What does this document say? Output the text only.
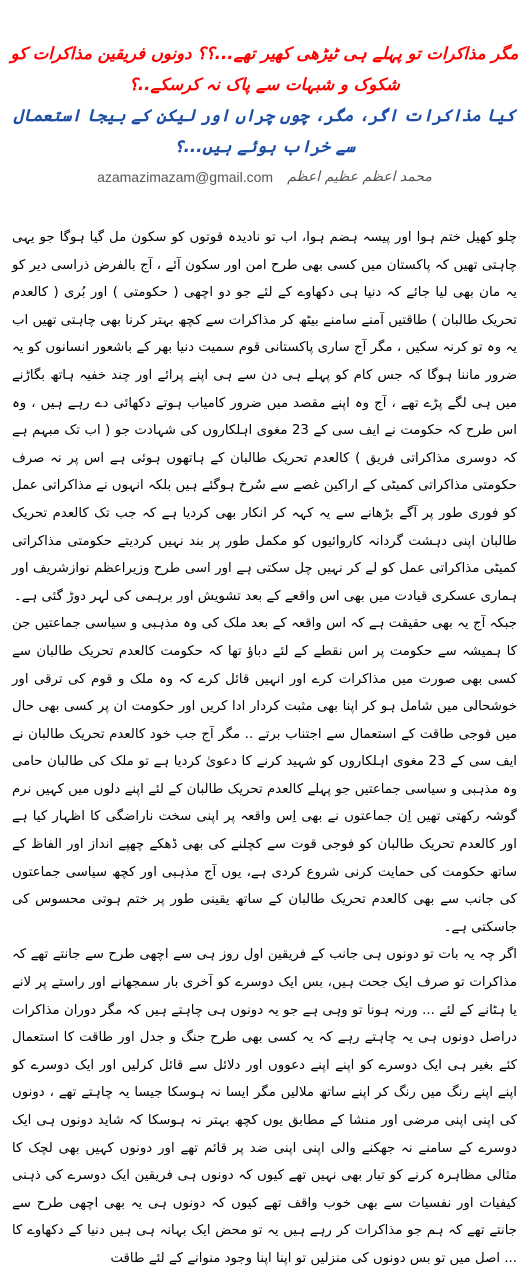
مگر مذاکرات تو پہلے ہی ٹیڑھی کھیر تھے...؟؟ دونوں فریقین مذاکرات کو شکوک و شبہات سے پاک نہ کرسکے..؟
کیا مذاکرات اگر، مگر، چوں چراں اور لیکن کے بیجا استعمال سے خراب ہوئے ہیں...؟
azamazimazam@gmail.com محمد اعظم عظیم اعظم

چلو کھیل ختم ہوا اور پیسہ ہضم ہوا، اب تو نادیدہ قوتوں کو سکون مل گیا ہوگا جو یہی چاہتی تھیں کہ پاکستان میں کسی بھی طرح امن اور سکون آئے ، آج بالفرض ذراسی دیر کو یہ مان بھی لیا جائے کہ دنیا ہی دکھاوے کے لئے جو دو اچھی ( حکومتی ) اور بُری ( کالعدم تحریک طالبان ) طاقتیں آمنے سامنے بیٹھ کر مذاکرات سے کچھ بہتر کرنا بھی چاہتی تھیں اب یہ وہ تو کرنہ سکیں ، مگر آج ساری پاکستانی قوم سمیت دنیا بھر کے باشعور انسانوں کو یہ ضرور ماننا ہوگا کہ جس کام کو پہلے ہی دن سے ہی اپنے پرائے اور چند خفیہ ہاتھ بگاڑنے میں ہی لگے پڑے تھے ، آج وہ اپنے مقصد میں ضرور کامیاب ہوتے دکھائی دے رہے ہیں ، وہ اس طرح کہ حکومت نے ایف سی کے 23 مغوی اہلکاروں کی شہادت جو ( اب تک مبہم ہے کہ دوسری مذاکراتی فریق ) کالعدم تحریک طالبان کے ہاتھوں ہوئی ہے اس پر نہ صرف حکومتی مذاکراتی کمیٹی کے اراکین غصے سے سُرخ ہوگئے ہیں بلکہ انہوں نے مذاکراتی عمل کو فوری طور پر آگے بڑھانے سے یہ کہہ کر انکار بھی کردیا ہے کہ جب تک کالعدم تحریک طالبان اپنی دہشت گردانہ کاروائیوں کو مکمل طور پر بند نہیں کردیتے حکومتی مذاکراتی کمیٹی مذاکراتی عمل کو لے کر نہیں چل سکتی ہے اور اسی طرح وزیراعظم نوازشریف اور ہماری عسکری قیادت میں بھی اس واقعے کے بعد تشویش اور برہمی کی لہر دوڑ گئی ہے۔

جبکہ آج یہ بھی حقیقت ہے کہ اس واقعہ کے بعد ملک کی وہ مذہبی و سیاسی جماعتیں جن کا ہمیشہ سے حکومت پر اس نقطے کے لئے دباؤ تھا کہ حکومت کالعدم تحریک طالبان سے کسی بھی صورت میں مذاکرات کرے اور انہیں قائل کرے کہ وہ ملک و قوم کی ترقی اور خوشحالی میں شامل ہو کر اپنا بھی مثبت کردار ادا کریں اور حکومت ان پر کسی بھی حال میں فوجی طاقت کے استعمال سے اجتناب برتے .. مگر آج جب خود کالعدم تحریک طالبان نے ایف سی کے 23 مغوی اہلکاروں کو شہید کرنے کا دعویٰ کردیا ہے تو ملک کی طالبان حامی وہ مذہبی و سیاسی جماعتیں جو پہلے کالعدم تحریک طالبان کے لئے اپنے دلوں میں کہیں نرم گوشہ رکھتی تھیں اِن جماعتوں نے بھی اِس واقعہ پر اپنی سخت ناراضگی کا اظہار کیا ہے اور کالعدم تحریک طالبان کو فوجی قوت سے کچلنے کی بھی ڈھکے چھپے انداز اور الفاظ کے ساتھ حکومت کی حمایت کرنی شروع کردی ہے، یوں آج مذہبی اور کچھ سیاسی جماعتوں کی جانب سے بھی کالعدم تحریک طالبان کے ساتھ یقینی طور پر ختم ہوتی محسوس کی جاسکتی ہے۔

اگر چہ یہ بات تو دونوں ہی جانب کے فریقین اول روز ہی سے اچھی طرح سے جانتے تھے کہ مذاکرات تو صرف ایک جحت ہیں، بس ایک دوسرے کو آخری بار سمجھانے اور راستے پر لانے یا ہٹانے کے لئے ... ورنہ ہونا تو وہی ہے جو یہ دونوں ہی چاہتے ہیں کہ مگر دوران مذاکرات دراصل دونوں ہی یہ چاہتے رہے کہ یہ کسی بھی طرح جنگ و جدل اور طاقت کا استعمال کئے بغیر ہی ایک دوسرے کو اپنے اپنے دعووں اور دلائل سے قائل کرلیں اور ایک دوسرے کو اپنے اپنے رنگ میں رنگ کر اپنے ساتھ ملالیں مگر ایسا نہ ہوسکا جیسا یہ چاہتے تھے ، دونوں کی اپنی اپنی مرضی اور منشا کے مطابق یوں کچھ بہتر نہ ہوسکا کہ شاید دونوں ہی ایک دوسرے کے سامنے نہ جھکنے والی اپنی اپنی ضد پر قائم تھے اور دونوں کہیں بھی لچک کا مثالی مظاہرہ کرنے کو تیار بھی نہیں تھے کیوں کہ دونوں ہی فریقین ایک دوسرے کی ذہنی کیفیات اور نفسیات سے بھی خوب واقف تھے کیوں کہ دونوں ہی یہ بھی اچھی طرح سے جانتے تھے کہ ہم جو مذاکرات کر رہے ہیں یہ تو محض ایک بہانہ ہی ہیں دنیا کے دکھاوے کا ... اصل میں تو بس دونوں کی منزلیں تو اپنا اپنا وجود منوانے کے لئے طاقت
